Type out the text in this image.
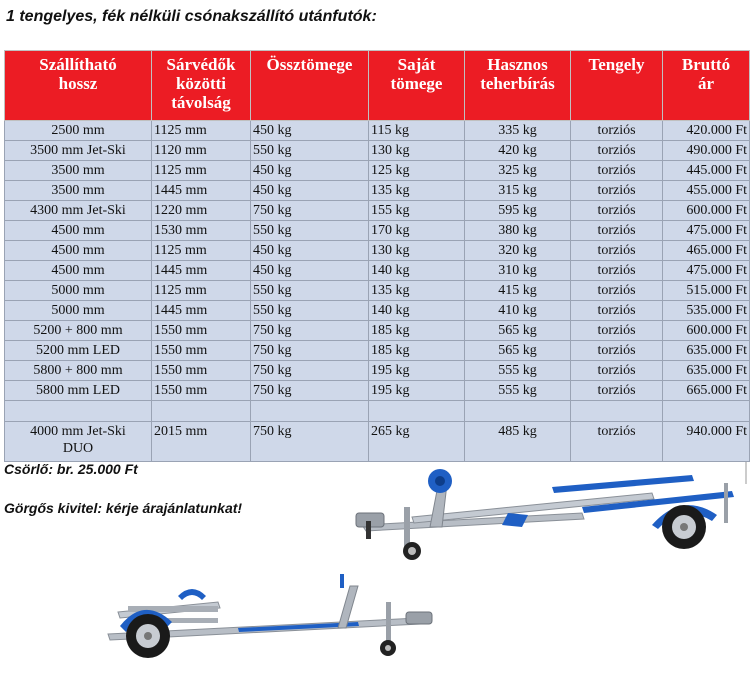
1 tengelyes, fék nélküli csónakszállító utánfutók:
Szállítható
hossz	Sárvédők
közötti
távolság	Össztömege	Saját
tömege	Hasznos
teherbírás	Tengely	Bruttó
ár
2500 mm	1125 mm	450 kg	115 kg	335 kg	torziós	420.000 Ft
3500 mm Jet-Ski	1120 mm	550 kg	130 kg	420 kg	torziós	490.000 Ft
3500 mm	1125 mm	450 kg	125 kg	325 kg	torziós	445.000 Ft
3500 mm	1445 mm	450 kg	135 kg	315 kg	torziós	455.000 Ft
4300 mm Jet-Ski	1220 mm	750 kg	155 kg	595 kg	torziós	600.000 Ft
4500 mm	1530 mm	550 kg	170 kg	380 kg	torziós	475.000 Ft
4500 mm	1125 mm	450 kg	130 kg	320 kg	torziós	465.000 Ft
4500 mm	1445 mm	450 kg	140 kg	310 kg	torziós	475.000 Ft
5000 mm	1125 mm	550 kg	135 kg	415 kg	torziós	515.000 Ft
5000 mm	1445 mm	550 kg	140 kg	410 kg	torziós	535.000 Ft
5200 + 800 mm	1550 mm	750 kg	185 kg	565 kg	torziós	600.000 Ft
5200 mm LED	1550 mm	750 kg	185 kg	565 kg	torziós	635.000 Ft
5800 + 800 mm	1550 mm	750 kg	195 kg	555 kg	torziós	635.000 Ft
5800 mm LED	1550 mm	750 kg	195 kg	555 kg	torziós	665.000 Ft

4000 mm Jet-Ski
DUO	2015 mm	750 kg	265 kg	485 kg	torziós	940.000 Ft
Csörlő: br. 25.000 Ft
Görgős kivitel: kérje árajánlatunkat!
